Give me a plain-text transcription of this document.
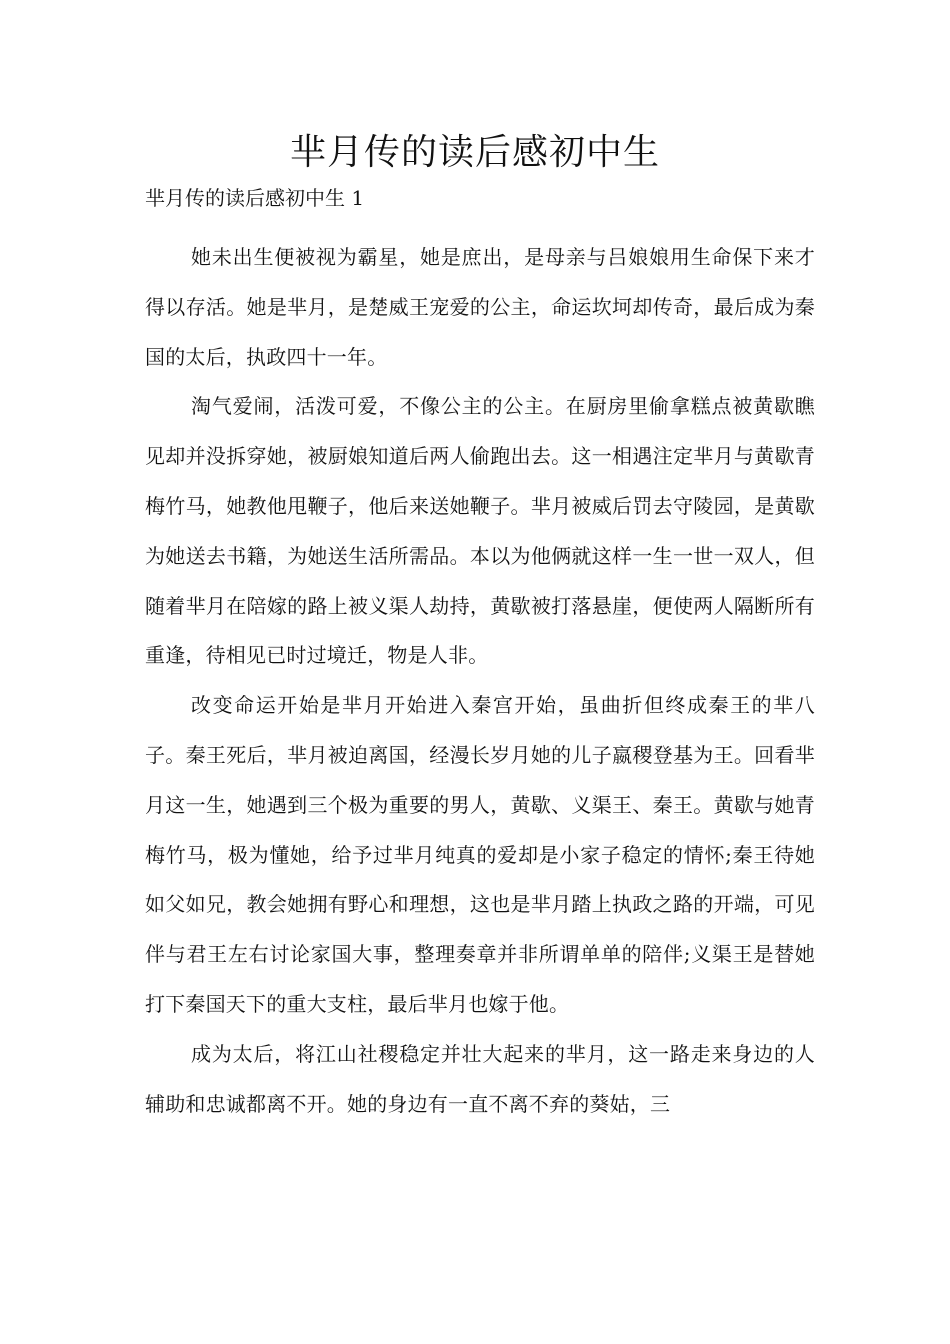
芈月传的读后感初中生
芈月传的读后感初中生 1

她未出生便被视为霸星，她是庶出，是母亲与吕娘娘用生命保下来才得以存活。她是芈月，是楚威王宠爱的公主，命运坎坷却传奇，最后成为秦国的太后，执政四十一年。

淘气爱闹，活泼可爱，不像公主的公主。在厨房里偷拿糕点被黄歇瞧见却并没拆穿她，被厨娘知道后两人偷跑出去。这一相遇注定芈月与黄歇青梅竹马，她教他甩鞭子，他后来送她鞭子。芈月被威后罚去守陵园，是黄歇为她送去书籍，为她送生活所需品。本以为他俩就这样一生一世一双人，但随着芈月在陪嫁的路上被义渠人劫持，黄歇被打落悬崖，便使两人隔断所有重逢，待相见已时过境迁，物是人非。

改变命运开始是芈月开始进入秦宫开始，虽曲折但终成秦王的芈八子。秦王死后，芈月被迫离国，经漫长岁月她的儿子嬴稷登基为王。回看芈月这一生，她遇到三个极为重要的男人，黄歇、义渠王、秦王。黄歇与她青梅竹马，极为懂她，给予过芈月纯真的爱却是小家子稳定的情怀;秦王待她如父如兄，教会她拥有野心和理想，这也是芈月踏上执政之路的开端，可见伴与君王左右讨论家国大事，整理奏章并非所谓单单的陪伴;义渠王是替她打下秦国天下的重大支柱，最后芈月也嫁于他。

成为太后，将江山社稷稳定并壮大起来的芈月，这一路走来身边的人辅助和忠诚都离不开。她的身边有一直不离不弃的葵姑，三
